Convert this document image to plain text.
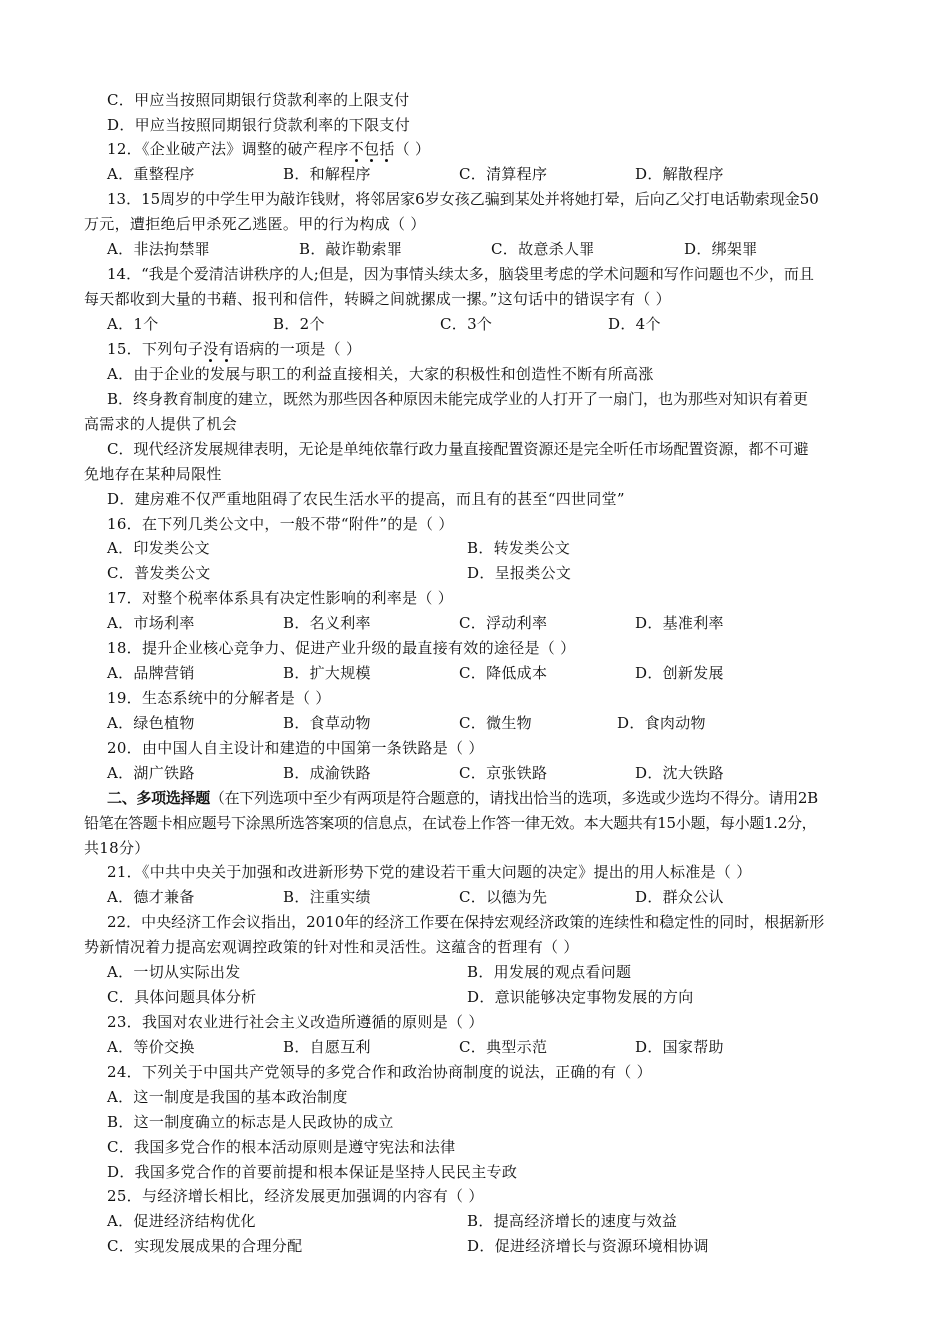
C．甲应当按照同期银行贷款利率的上限支付
D．甲应当按照同期银行贷款利率的下限支付
12．《企业破产法》调整的破产程序不包括（ ）
A．重整程序	B．和解程序	C．清算程序	D．解散程序
13．15周岁的中学生甲为敲诈钱财，将邻居家6岁女孩乙骗到某处并将她打晕，后向乙父打电话勒索现金50
万元，遭拒绝后甲杀死乙逃匿。甲的行为构成（ ）
A．非法拘禁罪	B．敲诈勒索罪	C．故意杀人罪	D．绑架罪
14．“我是个爱清洁讲秩序的人;但是，因为事情头续太多，脑袋里考虑的学术问题和写作问题也不少，而且
每天都收到大量的书藉、报刊和信件，转瞬之间就摞成一摞。”这句话中的错误字有（ ）
A．1个	B．2个	C．3个	D．4个
15．下列句子没有语病的一项是（ ）
A．由于企业的发展与职工的利益直接相关，大家的积极性和创造性不断有所高涨
B．终身教育制度的建立，既然为那些因各种原因未能完成学业的人打开了一扇门，也为那些对知识有着更
高需求的人提供了机会
C．现代经济发展规律表明，无论是单纯依靠行政力量直接配置资源还是完全听任市场配置资源，都不可避
免地存在某种局限性
D．建房难不仅严重地阻碍了农民生活水平的提高，而且有的甚至“四世同堂”
16．在下列几类公文中，一般不带“附件”的是（ ）
A．印发类公文	B．转发类公文
C．普发类公文	D．呈报类公文
17．对整个税率体系具有决定性影响的利率是（ ）
A．市场利率	B．名义利率	C．浮动利率	D．基准利率
18．提升企业核心竞争力、促进产业升级的最直接有效的途径是（ ）
A．品牌营销	B．扩大规模	C．降低成本	D．创新发展
19．生态系统中的分解者是（ ）
A．绿色植物	B．食草动物	C．微生物	D．食肉动物
20．由中国人自主设计和建造的中国第一条铁路是（ ）
A．湖广铁路	B．成渝铁路	C．京张铁路	D．沈大铁路
二、多项选择题（在下列选项中至少有两项是符合题意的，请找出恰当的选项，多选或少选均不得分。请用2B
铅笔在答题卡相应题号下涂黑所选答案项的信息点，在试卷上作答一律无效。本大题共有15小题，每小题1.2分，
共18分）
21．《中共中央关于加强和改进新形势下党的建设若干重大问题的决定》提出的用人标准是（ ）
A．德才兼备	B．注重实绩	C．以德为先	D．群众公认
22．中央经济工作会议指出，2010年的经济工作要在保持宏观经济政策的连续性和稳定性的同时，根据新形
势新情况着力提高宏观调控政策的针对性和灵活性。这蕴含的哲理有（ ）
A．一切从实际出发	B．用发展的观点看问题
C．具体问题具体分析	D．意识能够决定事物发展的方向
23．我国对农业进行社会主义改造所遵循的原则是（ ）
A．等价交换	B．自愿互利	C．典型示范	D．国家帮助
24．下列关于中国共产党领导的多党合作和政治协商制度的说法，正确的有（ ）
A．这一制度是我国的基本政治制度
B．这一制度确立的标志是人民政协的成立
C．我国多党合作的根本活动原则是遵守宪法和法律
D．我国多党合作的首要前提和根本保证是坚持人民民主专政
25．与经济增长相比，经济发展更加强调的内容有（ ）
A．促进经济结构优化	B．提高经济增长的速度与效益
C．实现发展成果的合理分配	D．促进经济增长与资源环境相协调
